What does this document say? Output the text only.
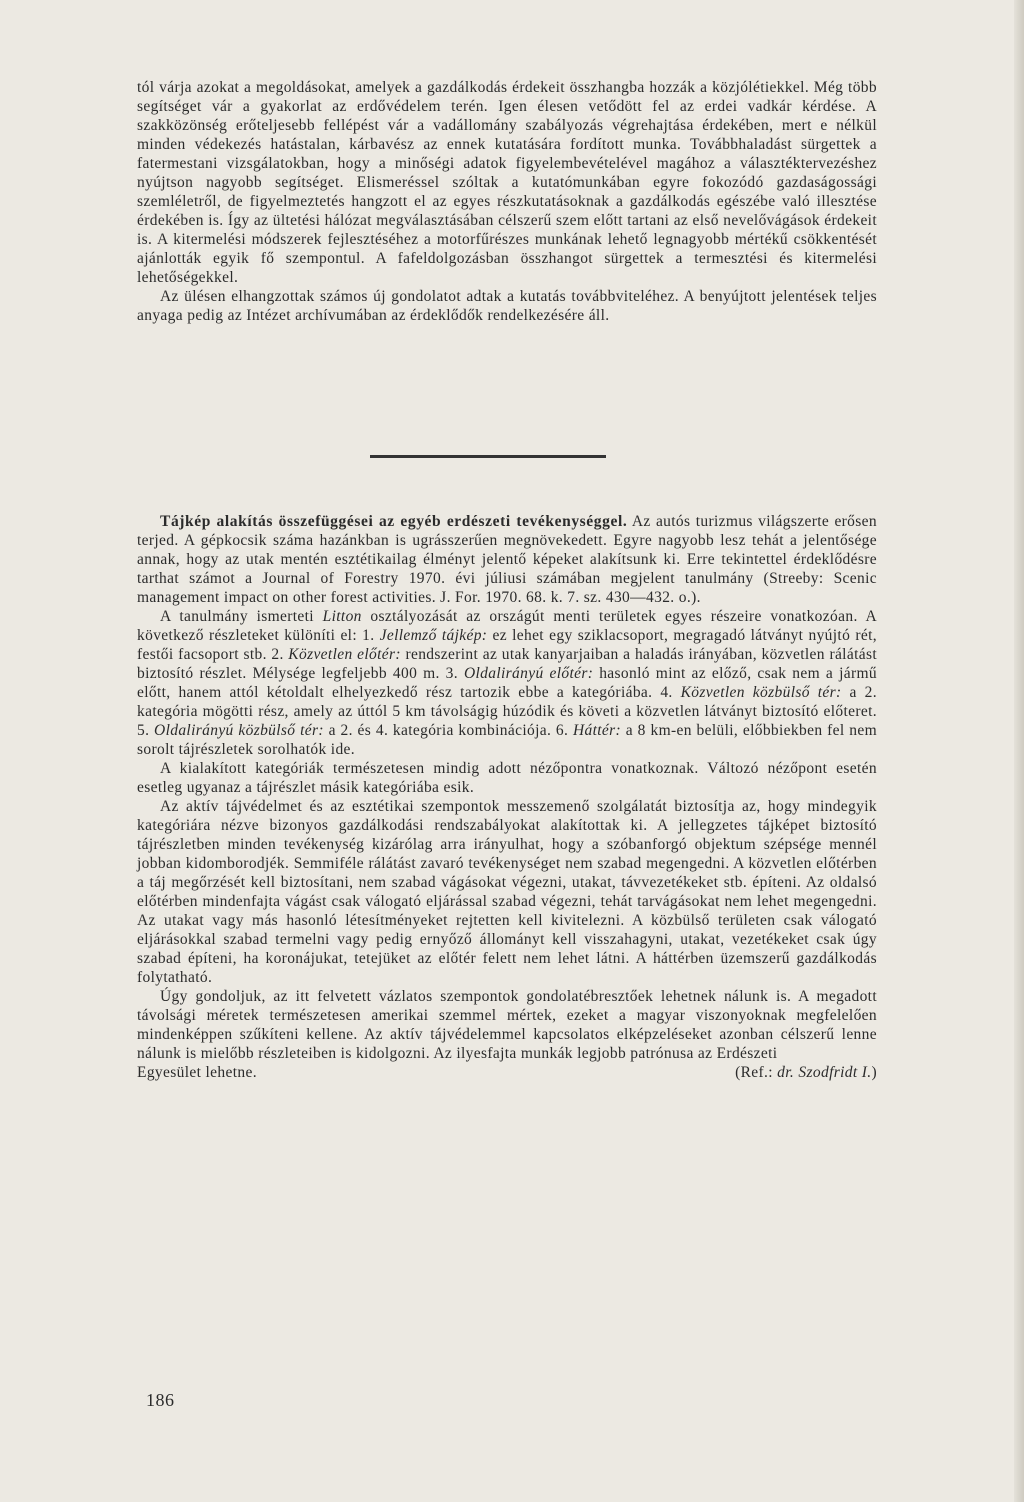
tól várja azokat a megoldásokat, amelyek a gazdálkodás érdekeit összhangba hozzák a közjólétiekkel. Még több segítséget vár a gyakorlat az erdővédelem terén. Igen élesen vetődött fel az erdei vadkár kérdése. A szakközönség erőteljesebb fellépést vár a vadállomány szabályozás végrehajtása érdekében, mert e nélkül minden védekezés hatástalan, kárbavész az ennek kutatására fordított munka. Továbbhaladást sürgettek a fatermestani vizsgálatokban, hogy a minőségi adatok figyelembevételével magához a választéktervezéshez nyújtson nagyobb segítséget. Elismeréssel szóltak a kutatómunkában egyre fokozódó gazdaságossági szemléletről, de figyelmeztetés hangzott el az egyes részkutatásoknak a gazdálkodás egészébe való illesztése érdekében is. Így az ültetési hálózat megválasztásában célszerű szem előtt tartani az első nevelővágások érdekeit is. A kitermelési módszerek fejlesztéséhez a motorfűrészes munkának lehető legnagyobb mértékű csökkentését ajánlották egyik fő szempontul. A fafeldolgozásban összhangot sürgettek a termesztési és kitermelési lehetőségekkel.

Az ülésen elhangzottak számos új gondolatot adtak a kutatás továbbviteléhez. A benyújtott jelentések teljes anyaga pedig az Intézet archívumában az érdeklődők rendelkezésére áll.

Tájkép alakítás összefüggései az egyéb erdészeti tevékenységgel. Az autós turizmus világszerte erősen terjed. A gépkocsik száma hazánkban is ugrásszerűen megnövekedett. Egyre nagyobb lesz tehát a jelentősége annak, hogy az utak mentén esztétikailag élményt jelentő képeket alakítsunk ki. Erre tekintettel érdeklődésre tarthat számot a Journal of Forestry 1970. évi júliusi számában megjelent tanulmány (Streeby: Scenic management impact on other forest activities. J. For. 1970. 68. k. 7. sz. 430—432. o.).

A tanulmány ismerteti Litton osztályozását az országút menti területek egyes részeire vonatkozóan. A következő részleteket különíti el: 1. Jellemző tájkép: ez lehet egy sziklacsoport, megragadó látványt nyújtó rét, festői facsoport stb. 2. Közvetlen előtér: rendszerint az utak kanyarjaiban a haladás irányában, közvetlen rálátást biztosító részlet. Mélysége legfeljebb 400 m. 3. Oldalirányú előtér: hasonló mint az előző, csak nem a jármű előtt, hanem attól kétoldalt elhelyezkedő rész tartozik ebbe a kategóriába. 4. Közvetlen közbülső tér: a 2. kategória mögötti rész, amely az úttól 5 km távolságig húzódik és követi a közvetlen látványt biztosító előteret. 5. Oldalirányú közbülső tér: a 2. és 4. kategória kombinációja. 6. Háttér: a 8 km-en belüli, előbbiekben fel nem sorolt tájrészletek sorolhatók ide.

A kialakított kategóriák természetesen mindig adott nézőpontra vonatkoznak. Változó nézőpont esetén esetleg ugyanaz a tájrészlet másik kategóriába esik.

Az aktív tájvédelmet és az esztétikai szempontok messzemenő szolgálatát biztosítja az, hogy mindegyik kategóriára nézve bizonyos gazdálkodási rendszabályokat alakítottak ki. A jellegzetes tájképet biztosító tájrészletben minden tevékenység kizárólag arra irányulhat, hogy a szóbanforgó objektum szépsége mennél jobban kidomborodjék. Semmiféle rálátást zavaró tevékenységet nem szabad megengedni. A közvetlen előtérben a táj megőrzését kell biztosítani, nem szabad vágásokat végezni, utakat, távvezetékeket stb. építeni. Az oldalsó előtérben mindenfajta vágást csak válogató eljárással szabad végezni, tehát tarvágásokat nem lehet megengedni. Az utakat vagy más hasonló létesítményeket rejtetten kell kivitelezni. A közbülső területen csak válogató eljárásokkal szabad termelni vagy pedig ernyőző állományt kell visszahagyni, utakat, vezetékeket csak úgy szabad építeni, ha koronájukat, tetejüket az előtér felett nem lehet látni. A háttérben üzemszerű gazdálkodás folytatható.

Úgy gondoljuk, az itt felvetett vázlatos szempontok gondolatébresztőek lehetnek nálunk is. A megadott távolsági méretek természetesen amerikai szemmel mértek, ezeket a magyar viszonyoknak megfelelően mindenképpen szűkíteni kellene. Az aktív tájvédelemmel kapcsolatos elképzeléseket azonban célszerű lenne nálunk is mielőbb részleteiben is kidolgozni. Az ilyesfajta munkák legjobb patrónusa az Erdészeti

Egyesület lehetne.	(Ref.: dr. Szodfridt I.)

186
